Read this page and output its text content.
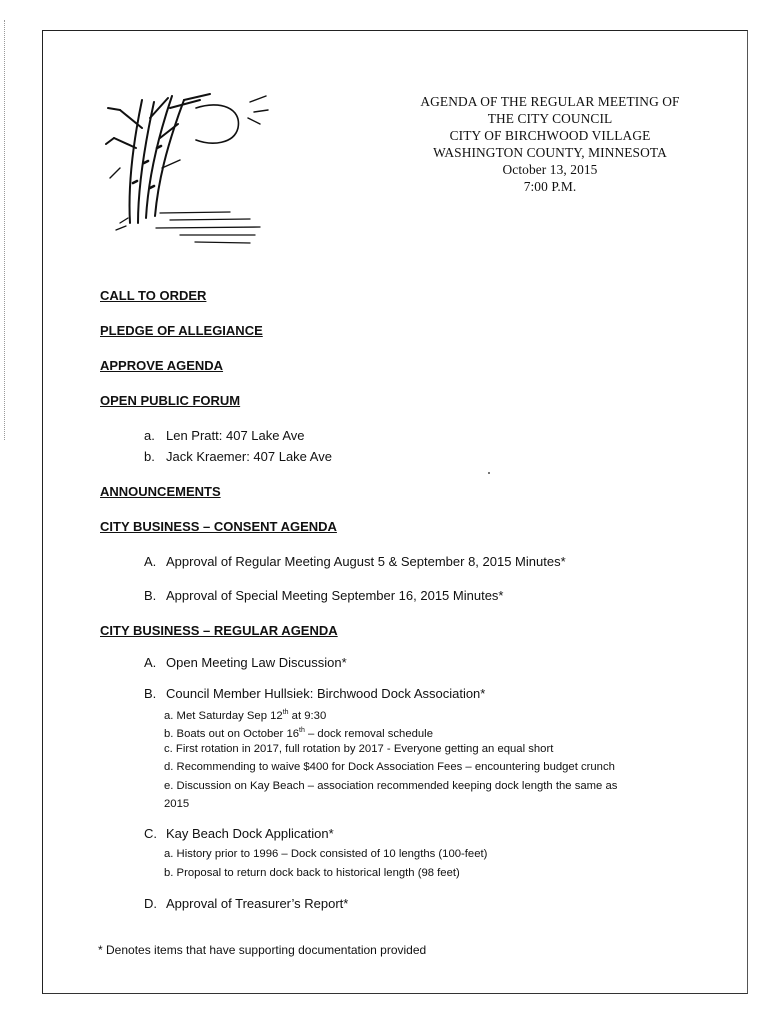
AGENDA OF THE REGULAR MEETING OF
THE CITY COUNCIL
CITY OF BIRCHWOOD VILLAGE
WASHINGTON COUNTY, MINNESOTA
October 13, 2015
7:00 P.M.
CALL TO ORDER
PLEDGE OF ALLEGIANCE
APPROVE AGENDA
OPEN PUBLIC FORUM
a. Len Pratt: 407 Lake Ave
b. Jack Kraemer: 407 Lake Ave
ANNOUNCEMENTS
CITY BUSINESS – CONSENT AGENDA
A. Approval of Regular Meeting August 5 & September 8, 2015 Minutes*
B. Approval of Special Meeting September 16, 2015 Minutes*
CITY BUSINESS – REGULAR AGENDA
A. Open Meeting Law Discussion*
B. Council Member Hullsiek: Birchwood Dock Association*
a. Met Saturday Sep 12th at 9:30
b. Boats out on October 16th – dock removal schedule
c. First rotation in 2017, full rotation by 2017 - Everyone getting an equal short
d. Recommending to waive $400 for Dock Association Fees – encountering budget crunch
e. Discussion on Kay Beach – association recommended keeping dock length the same as
2015
C. Kay Beach Dock Application*
a. History prior to 1996 – Dock consisted of 10 lengths (100-feet)
b. Proposal to return dock back to historical length (98 feet)
D. Approval of Treasurer’s Report*
* Denotes items that have supporting documentation provided
